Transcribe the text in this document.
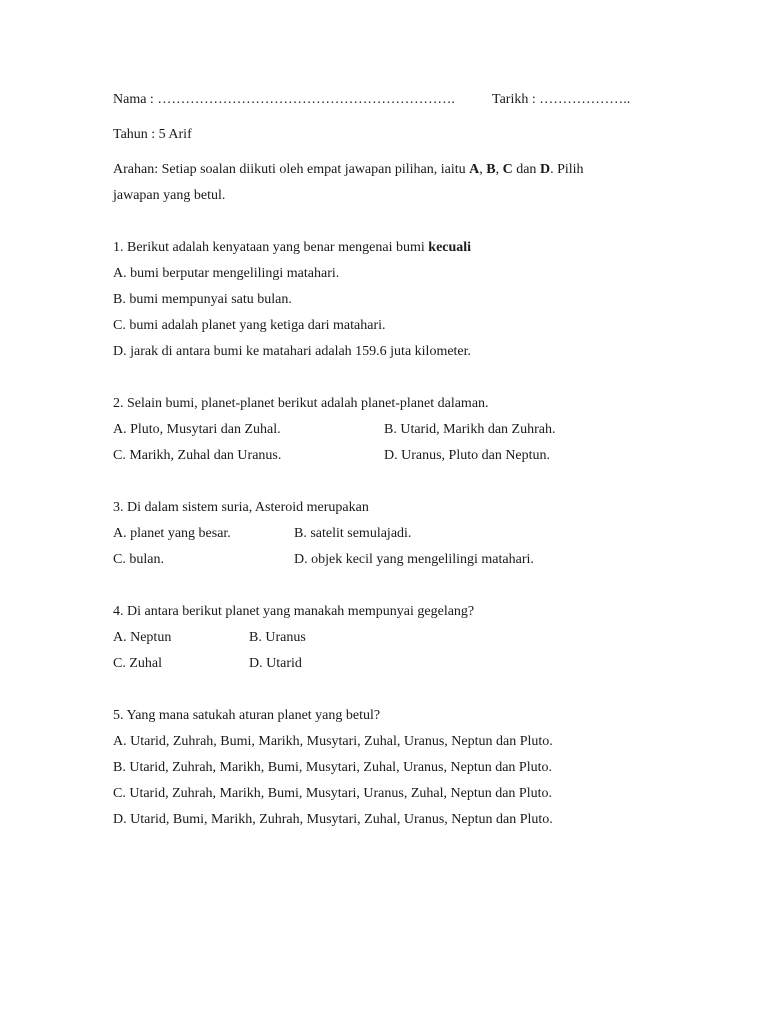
Nama : ……………………………………………………….	Tarikh : ………………..
Tahun : 5 Arif
Arahan: Setiap soalan diikuti oleh empat jawapan pilihan, iaitu A, B, C dan D. Pilih
jawapan yang betul.
1. Berikut adalah kenyataan yang benar mengenai bumi kecuali
A. bumi berputar mengelilingi matahari.
B. bumi mempunyai satu bulan.
C. bumi adalah planet yang ketiga dari matahari.
D. jarak di antara bumi ke matahari adalah 159.6 juta kilometer.
2. Selain bumi, planet-planet berikut adalah planet-planet dalaman.
A. Pluto, Musytari dan Zuhal.	B. Utarid, Marikh dan Zuhrah.
C. Marikh, Zuhal dan Uranus.	D. Uranus, Pluto dan Neptun.
3. Di dalam sistem suria, Asteroid merupakan
A. planet yang besar.	B. satelit semulajadi.
C. bulan.	D. objek kecil yang mengelilingi matahari.
4. Di antara berikut planet yang manakah mempunyai gegelang?
A. Neptun	B. Uranus
C. Zuhal	D. Utarid
5. Yang mana satukah aturan planet yang betul?
A. Utarid, Zuhrah, Bumi, Marikh, Musytari, Zuhal, Uranus, Neptun dan Pluto.
B. Utarid, Zuhrah, Marikh, Bumi, Musytari, Zuhal, Uranus, Neptun dan Pluto.
C. Utarid, Zuhrah, Marikh, Bumi, Musytari, Uranus, Zuhal, Neptun dan Pluto.
D. Utarid, Bumi, Marikh, Zuhrah, Musytari, Zuhal, Uranus, Neptun dan Pluto.
